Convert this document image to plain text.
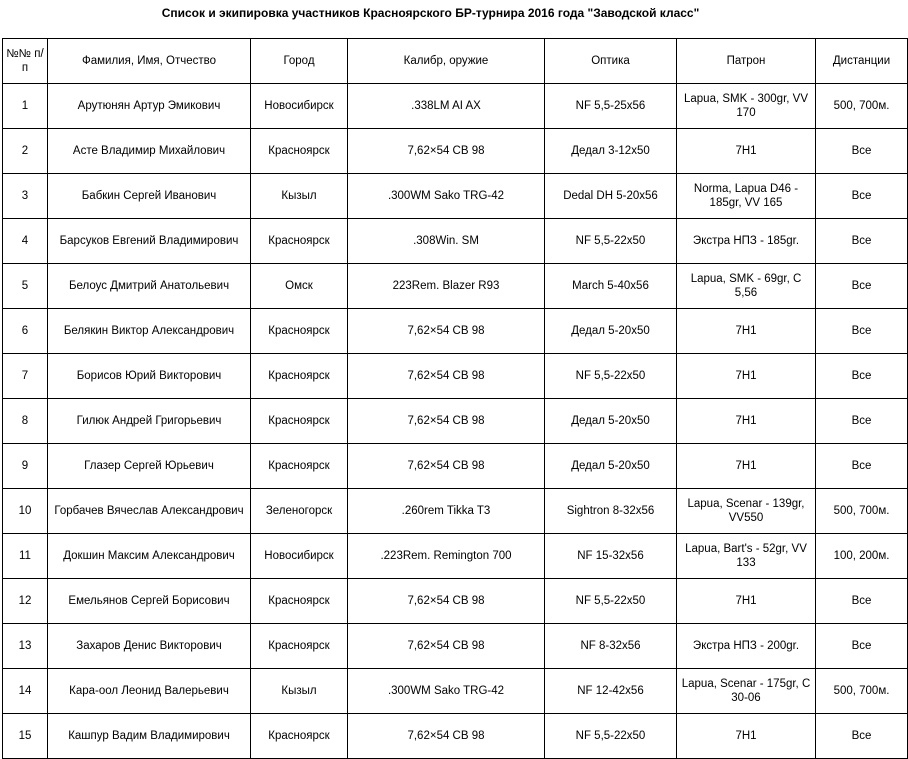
Список и экипировка участников Красноярского БР-турнира 2016 года "Заводской класс"
№№ п/п	Фамилия, Имя, Отчество	Город	Калибр, оружие	Оптика	Патрон	Дистанции
1	Арутюнян Артур Эмикович	Новосибирск	.338LM AI AX	NF 5,5-25x56	Lapua, SMK - 300gr, VV 170	500, 700м.
2	Асте Владимир Михайлович	Красноярск	7,62×54 СВ 98	Дедал 3-12x50	7Н1	Все
3	Бабкин Сергей Иванович	Кызыл	.300WM Sako TRG-42	Dedal DH 5-20x56	Norma, Lapua D46 - 185gr, VV 165	Все
4	Барсуков Евгений Владимирович	Красноярск	.308Win. SM	NF 5,5-22x50	Экстра НПЗ - 185gr.	Все
5	Белоус Дмитрий Анатольевич	Омск	223Rem. Blazer R93	March 5-40x56	Lapua, SMK - 69gr, C 5,56	Все
6	Белякин Виктор Александрович	Красноярск	7,62×54 СВ 98	Дедал 5-20x50	7Н1	Все
7	Борисов Юрий Викторович	Красноярск	7,62×54 СВ 98	NF 5,5-22x50	7Н1	Все
8	Гилюк Андрей Григорьевич	Красноярск	7,62×54 СВ 98	Дедал 5-20x50	7Н1	Все
9	Глазер Сергей Юрьевич	Красноярск	7,62×54 СВ 98	Дедал 5-20x50	7Н1	Все
10	Горбачев Вячеслав Александрович	Зеленогорск	.260rem Tikka T3	Sightron 8-32x56	Lapua, Scenar - 139gr, VV550	500, 700м.
11	Докшин Максим Александрович	Новосибирск	.223Rem. Remington 700	NF 15-32x56	Lapua, Bart's - 52gr, VV 133	100, 200м.
12	Емельянов Сергей Борисович	Красноярск	7,62×54 СВ 98	NF 5,5-22x50	7Н1	Все
13	Захаров Денис Викторович	Красноярск	7,62×54 СВ 98	NF 8-32x56	Экстра НПЗ - 200gr.	Все
14	Кара-оол Леонид Валерьевич	Кызыл	.300WM Sako TRG-42	NF 12-42x56	Lapua, Scenar - 175gr, C 30-06	500, 700м.
15	Кашпур Вадим Владимирович	Красноярск	7,62×54 СВ 98	NF 5,5-22x50	7Н1	Все
